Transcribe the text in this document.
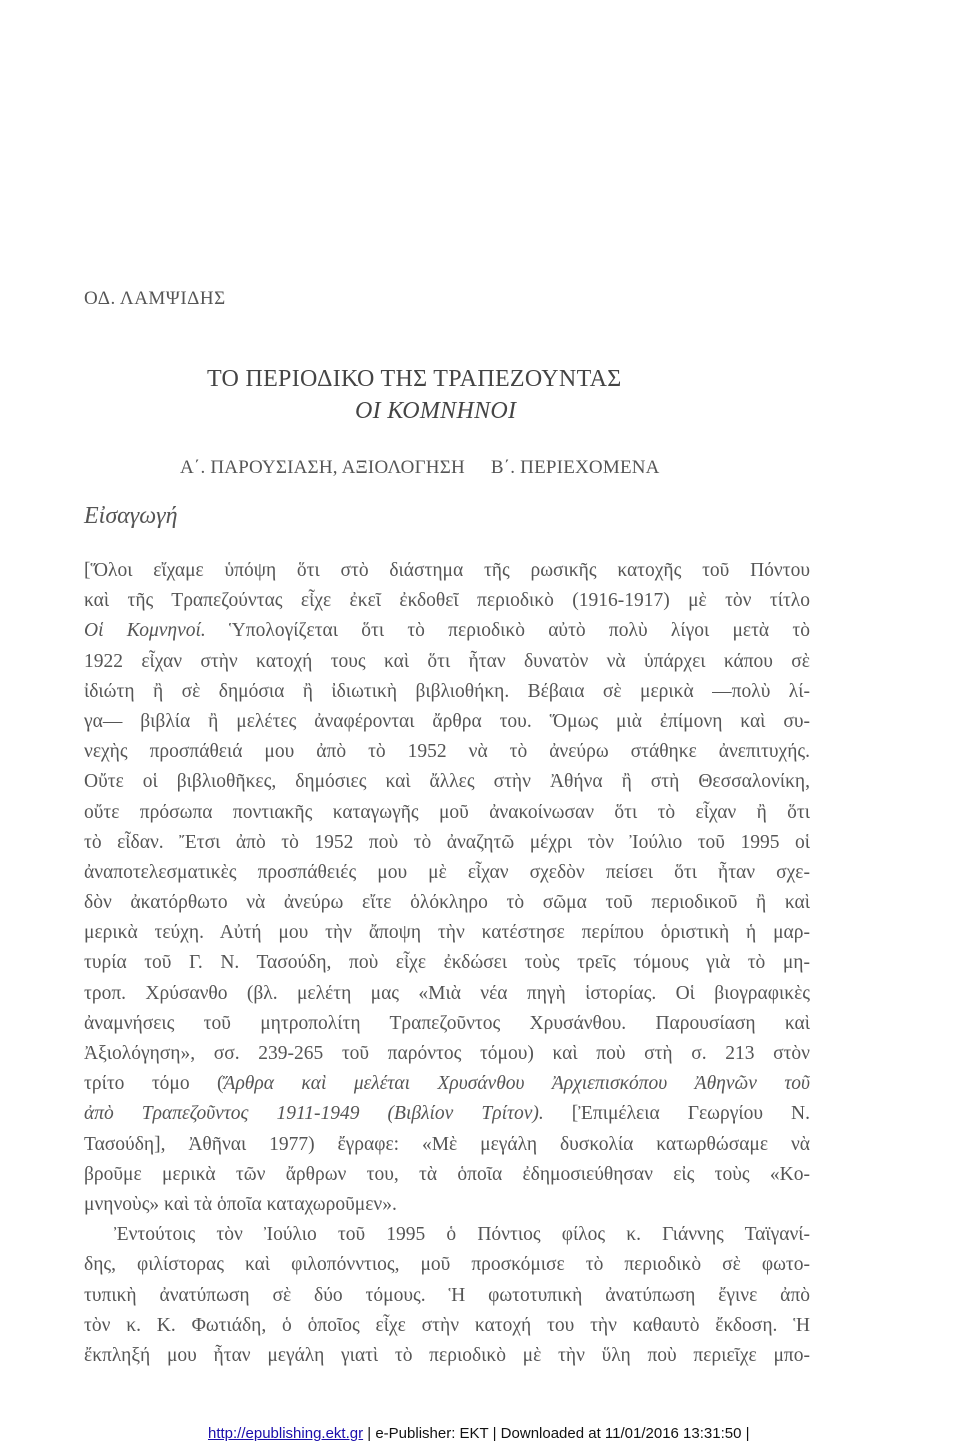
ΟΔ. ΛΑΜΨΙΔΗΣ
ΤΟ ΠΕΡΙΟΔΙΚΟ ΤΗΣ ΤΡΑΠΕΖΟΥΝΤΑΣ
ΟΙ ΚΟΜΝΗΝΟΙ
Α΄. ΠΑΡΟΥΣΙΑΣΗ, ΑΞΙΟΛΟΓΗΣΗ Β΄. ΠΕΡΙΕΧΟΜΕΝΑ
Εἰσαγωγή
[Ὅλοι εἴχαμε ὑπόψη ὅτι στὸ διάστημα τῆς ρωσικῆς κατοχῆς τοῦ Πόντου
καὶ τῆς Τραπεζούντας εἶχε ἐκεῖ ἐκδοθεῖ περιοδικὸ (1916-1917) μὲ τὸν τίτλο
Οἱ Κομνηνοί. Ὑπολογίζεται ὅτι τὸ περιοδικὸ αὐτὸ πολὺ λίγοι μετὰ τὸ
1922 εἶχαν στὴν κατοχή τους καὶ ὅτι ἦταν δυνατὸν νὰ ὑπάρχει κάπου σὲ
ἰδιώτη ἢ σὲ δημόσια ἢ ἰδιωτικὴ βιβλιοθήκη. Βέβαια σὲ μερικὰ —πολὺ λί-
γα— βιβλία ἢ μελέτες ἀναφέρονται ἄρθρα του. Ὅμως μιὰ ἐπίμονη καὶ συ-
νεχὴς προσπάθειά μου ἀπὸ τὸ 1952 νὰ τὸ ἀνεύρω στάθηκε ἀνεπιτυχής.
Οὔτε οἱ βιβλιοθῆκες, δημόσιες καὶ ἄλλες στὴν Ἀθήνα ἢ στὴ Θεσσαλονίκη,
οὔτε πρόσωπα ποντιακῆς καταγωγῆς μοῦ ἀνακοίνωσαν ὅτι τὸ εἶχαν ἢ ὅτι
τὸ εἶδαν. Ἔτσι ἀπὸ τὸ 1952 ποὺ τὸ ἀναζητῶ μέχρι τὸν Ἰούλιο τοῦ 1995 οἱ
ἀναποτελεσματικὲς προσπάθειές μου μὲ εἶχαν σχεδὸν πείσει ὅτι ἦταν σχε-
δὸν ἀκατόρθωτο νὰ ἀνεύρω εἴτε ὁλόκληρο τὸ σῶμα τοῦ περιοδικοῦ ἢ καὶ
μερικὰ τεύχη. Αὐτή μου τὴν ἄποψη τὴν κατέστησε περίπου ὁριστικὴ ἡ μαρ-
τυρία τοῦ Γ. Ν. Τασούδη, ποὺ εἶχε ἐκδώσει τοὺς τρεῖς τόμους γιὰ τὸ μη-
τροπ. Χρύσανθο (βλ. μελέτη μας «Μιὰ νέα πηγὴ ἱστορίας. Οἱ βιογραφικὲς
ἀναμνήσεις τοῦ μητροπολίτη Τραπεζοῦντος Χρυσάνθου. Παρουσίαση καὶ
Ἀξιολόγηση», σσ. 239-265 τοῦ παρόντος τόμου) καὶ ποὺ στὴ σ. 213 στὸν
τρίτο τόμο (Ἄρθρα καὶ μελέται Χρυσάνθου Ἀρχιεπισκόπου Ἀθηνῶν τοῦ
ἀπὸ Τραπεζοῦντος 1911-1949 (Βιβλίον Τρίτον). [Ἐπιμέλεια Γεωργίου Ν.
Τασούδη], Ἀθῆναι 1977) ἔγραφε: «Μὲ μεγάλη δυσκολία κατωρθώσαμε νὰ
βροῦμε μερικὰ τῶν ἄρθρων του, τὰ ὁποῖα ἐδημοσιεύθησαν εἰς τοὺς «Κο-
μνηνοὺς» καὶ τὰ ὁποῖα καταχωροῦμεν».
Ἐντούτοις τὸν Ἰούλιο τοῦ 1995 ὁ Πόντιος φίλος κ. Γιάννης Ταϊγανί-
δης, φιλίστορας καὶ φιλοπόνντιος, μοῦ προσκόμισε τὸ περιοδικὸ σὲ φωτο-
τυπικὴ ἀνατύπωση σὲ δύο τόμους. Ἡ φωτοτυπικὴ ἀνατύπωση ἔγινε ἀπὸ
τὸν κ. Κ. Φωτιάδη, ὁ ὁποῖος εἶχε στὴν κατοχή του τὴν καθαυτὸ ἔκδοση. Ἡ
ἔκπληξή μου ἦταν μεγάλη γιατὶ τὸ περιοδικὸ μὲ τὴν ὕλη ποὺ περιεῖχε μπο-
http://epublishing.ekt.gr | e-Publisher: EKT | Downloaded at 11/01/2016 13:31:50 |
